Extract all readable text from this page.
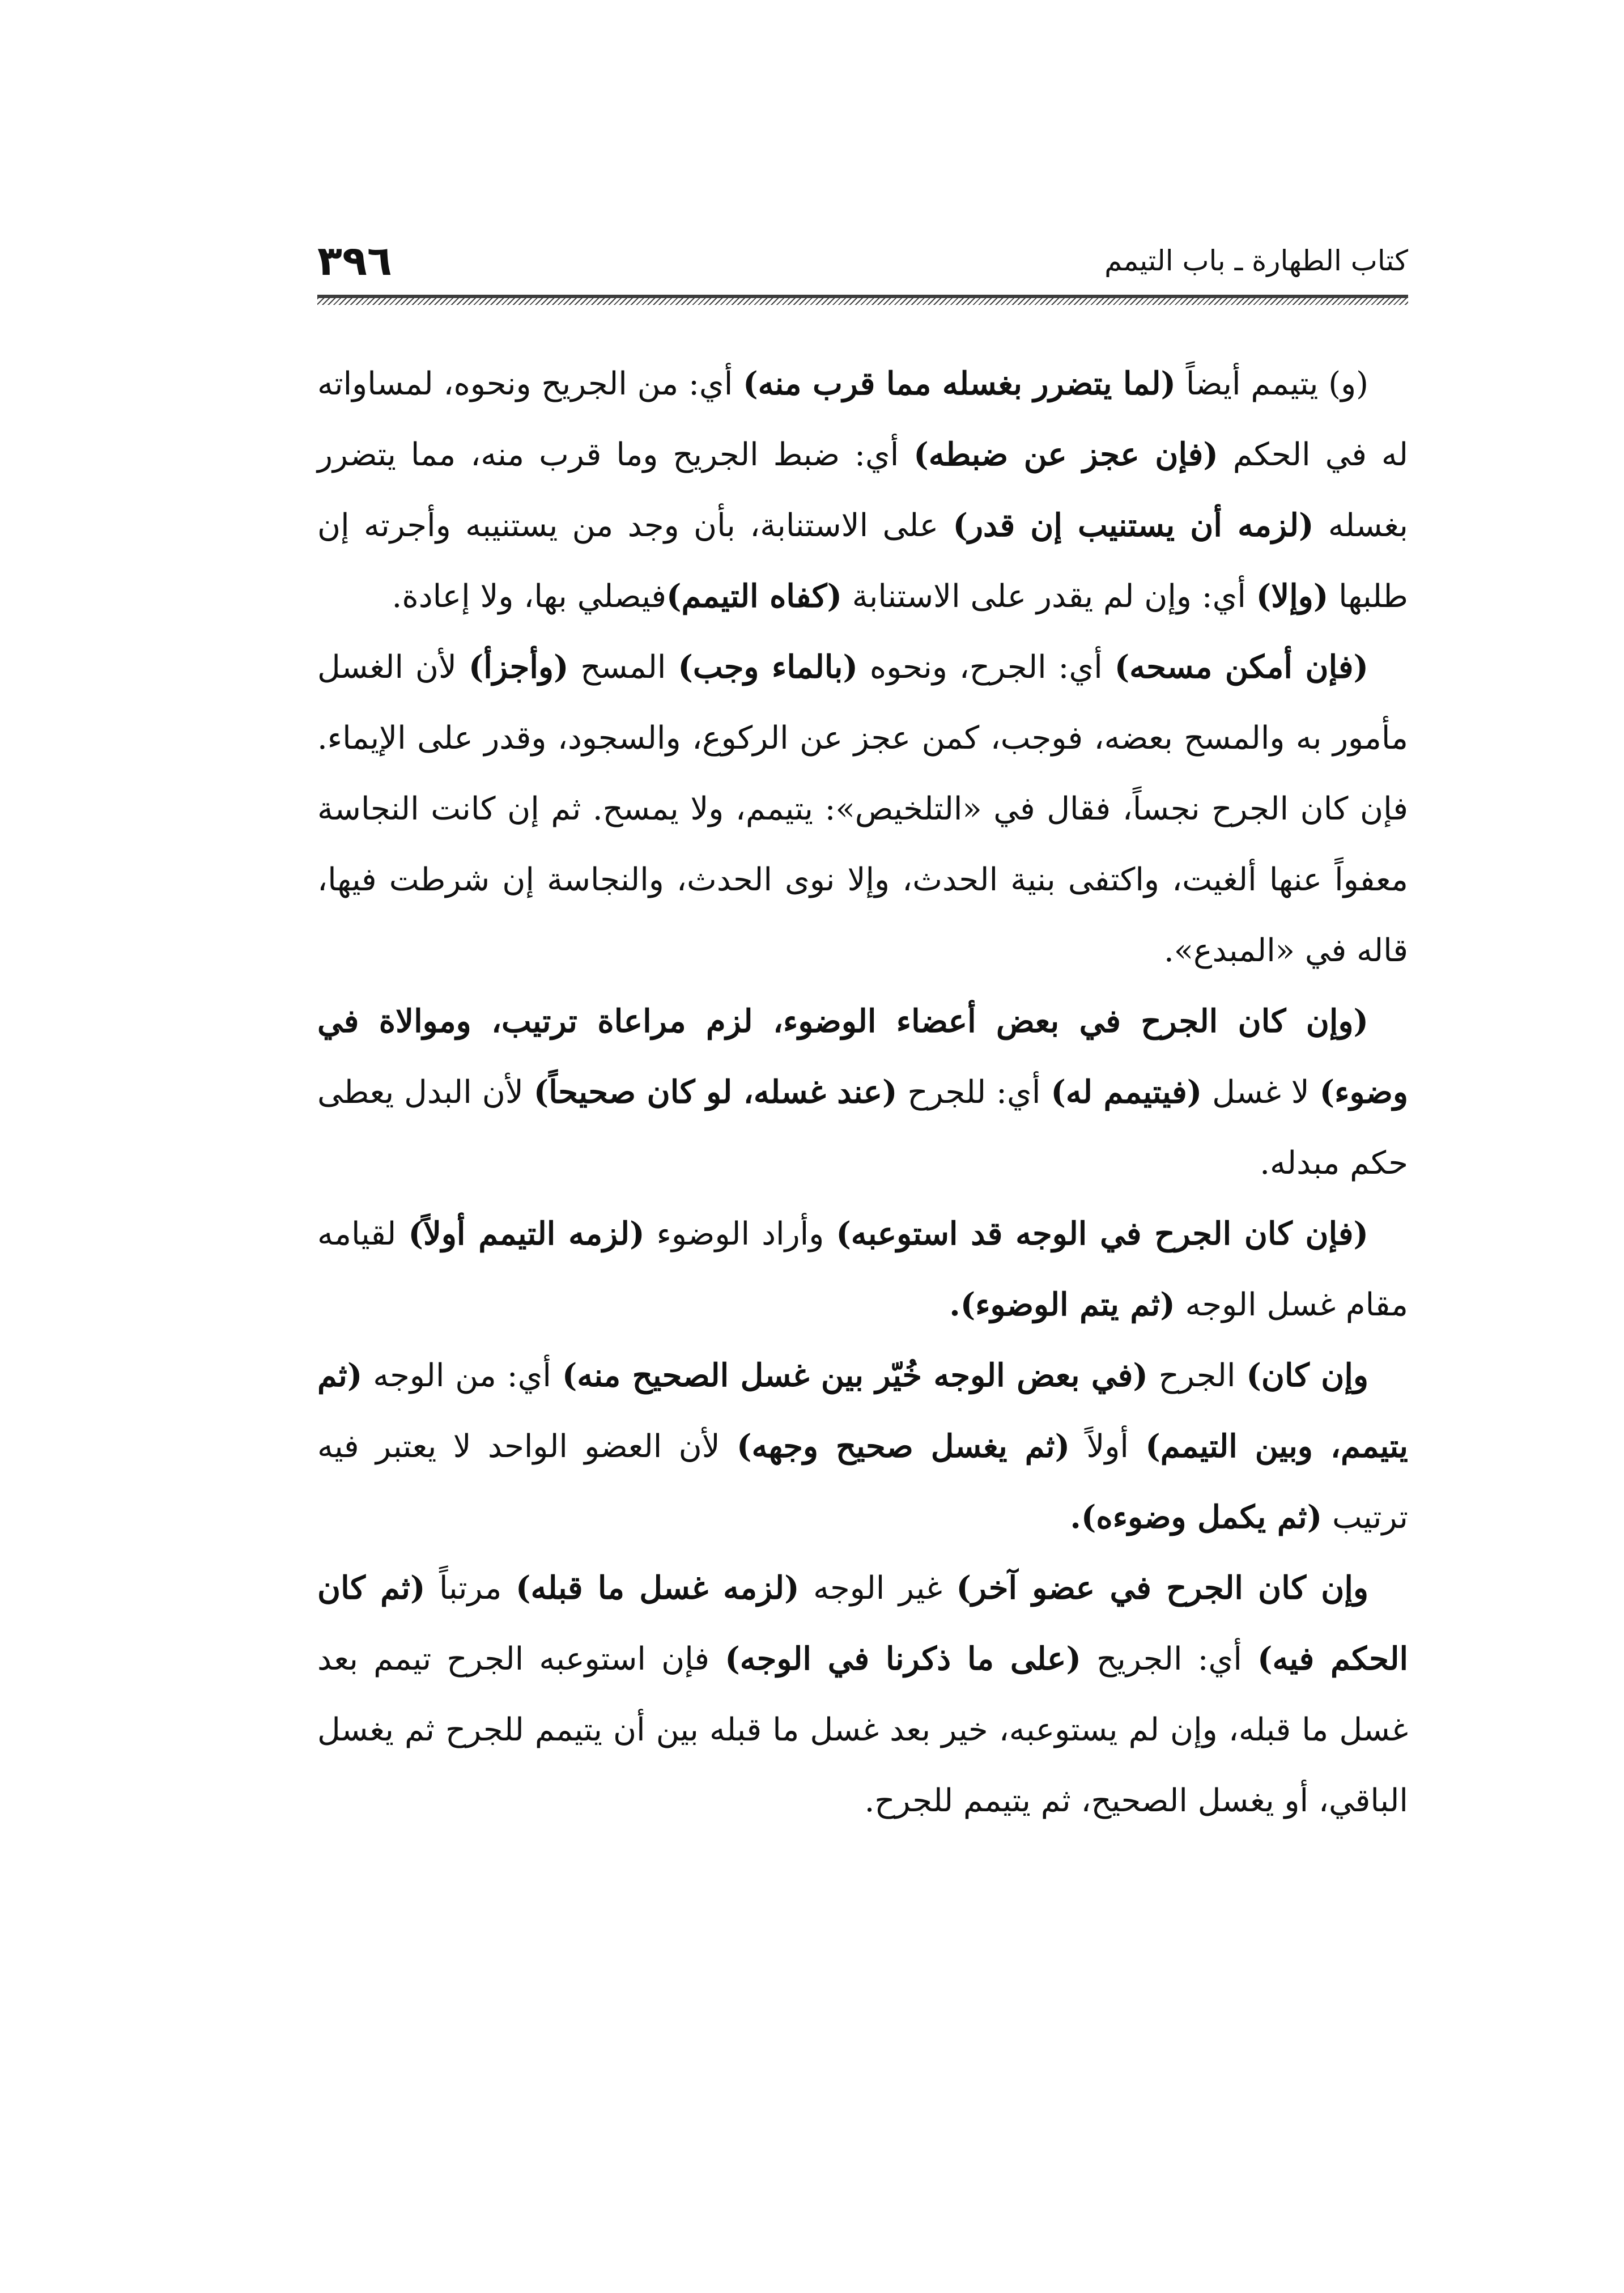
كتاب الطهارة ـ باب التيمم
٣٩٦

(و) يتيمم أيضاً (لما يتضرر بغسله مما قرب منه) أي: من الجريح ونحوه، لمساواته له في الحكم (فإن عجز عن ضبطه) أي: ضبط الجريح وما قرب منه، مما يتضرر بغسله (لزمه أن يستنيب إن قدر) على الاستنابة، بأن وجد من يستنيبه وأجرته إن طلبها (وإلا) أي: وإن لم يقدر على الاستنابة (كفاه التيمم)فيصلي بها، ولا إعادة.

(فإن أمكن مسحه) أي: الجرح، ونحوه (بالماء وجب) المسح (وأجزأ) لأن الغسل مأمور به والمسح بعضه، فوجب، كمن عجز عن الركوع، والسجود، وقدر على الإيماء. فإن كان الجرح نجساً، فقال في «التلخيص»: يتيمم، ولا يمسح. ثم إن كانت النجاسة معفواً عنها ألغيت، واكتفى بنية الحدث، وإلا نوى الحدث، والنجاسة إن شرطت فيها، قاله في «المبدع».

(وإن كان الجرح في بعض أعضاء الوضوء، لزم مراعاة ترتيب، وموالاة في وضوء) لا غسل (فيتيمم له) أي: للجرح (عند غسله، لو كان صحيحاً) لأن البدل يعطى حكم مبدله.

(فإن كان الجرح في الوجه قد استوعبه) وأراد الوضوء (لزمه التيمم أولاً) لقيامه مقام غسل الوجه (ثم يتم الوضوء).

وإن كان) الجرح (في بعض الوجه خُيّر بين غسل الصحيح منه) أي: من الوجه (ثم يتيمم، وبين التيمم) أولاً (ثم يغسل صحيح وجهه) لأن العضو الواحد لا يعتبر فيه ترتيب (ثم يكمل وضوءه).

وإن كان الجرح في عضو آخر) غير الوجه (لزمه غسل ما قبله) مرتباً (ثم كان الحكم فيه) أي: الجريح (على ما ذكرنا في الوجه) فإن استوعبه الجرح تيمم بعد غسل ما قبله، وإن لم يستوعبه، خير بعد غسل ما قبله بين أن يتيمم للجرح ثم يغسل الباقي، أو يغسل الصحيح، ثم يتيمم للجرح.
